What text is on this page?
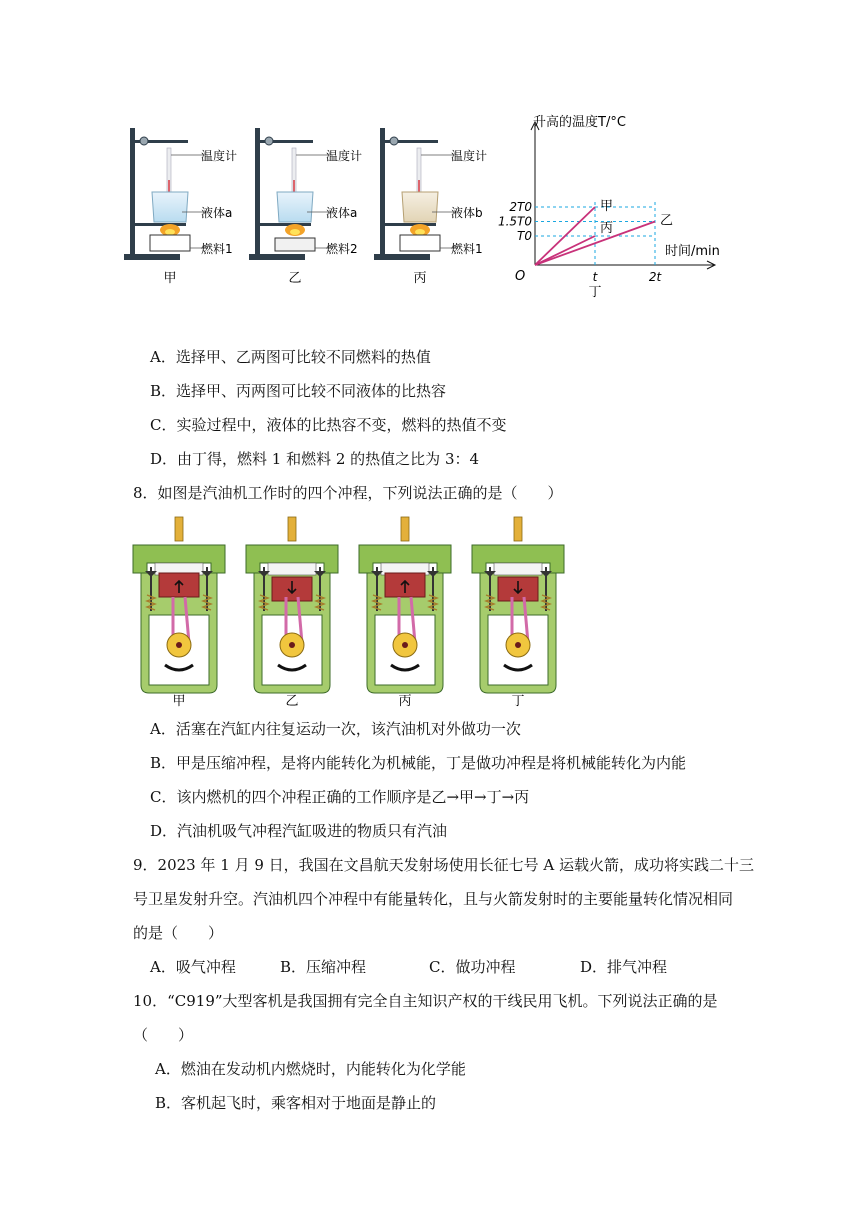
温度计
液体a
燃料1
甲
温度计
液体a
燃料2
乙
温度计
液体b
燃料1
丙
升高的温度T/°C
时间/min
O
甲
丙	乙
t	2t
T0
1.5T0
2T0
丁
A．选择甲、乙两图可比较不同燃料的热值
B．选择甲、丙两图可比较不同液体的比热容
C．实验过程中，液体的比热容不变，燃料的热值不变
D．由丁得，燃料 1 和燃料 2 的热值之比为 3：4
8．如图是汽油机工作时的四个冲程，下列说法正确的是（　　）
甲	乙	丙	丁
A．活塞在汽缸内往复运动一次，该汽油机对外做功一次
B．甲是压缩冲程，是将内能转化为机械能，丁是做功冲程是将机械能转化为内能
C．该内燃机的四个冲程正确的工作顺序是乙→甲→丁→丙
D．汽油机吸气冲程汽缸吸进的物质只有汽油
9．2023 年 1 月 9 日，我国在文昌航天发射场使用长征七号 A 运载火箭，成功将实践二十三
号卫星发射升空。汽油机四个冲程中有能量转化，且与火箭发射时的主要能量转化情况相同
的是（　　）
A．吸气冲程	B．压缩冲程	C．做功冲程	D．排气冲程
10．“C919”大型客机是我国拥有完全自主知识产权的干线民用飞机。下列说法正确的是
（　　）
A．燃油在发动机内燃烧时，内能转化为化学能
B．客机起飞时，乘客相对于地面是静止的
